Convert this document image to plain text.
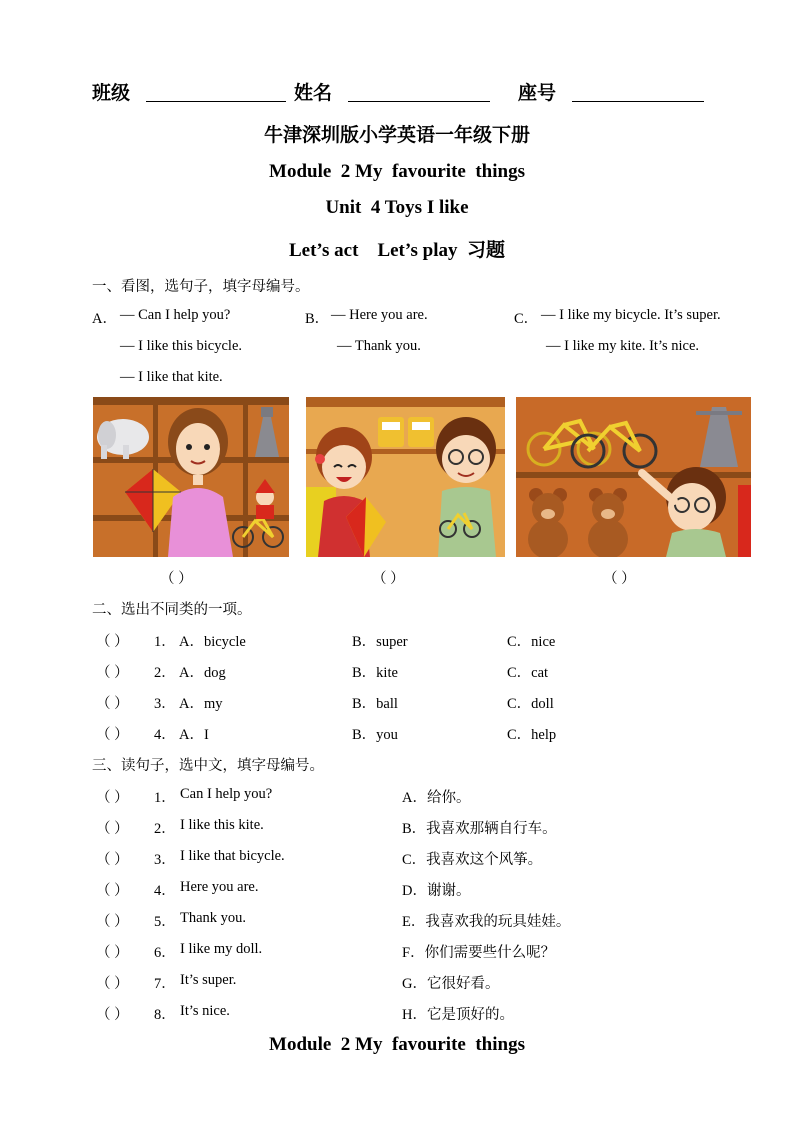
班级	姓名	座号
牛津深圳版小学英语一年级下册
Module  2 My  favourite  things
Unit  4 Toys I like
Let’s act    Let’s play  习题
一、看图，选句子，填字母编号。
A． — Can I help you?
— I like this bicycle.
— I like that kite.
B． — Here you are.
— Thank you.
C． — I like my bicycle. It’s super.
— I like my kite. It’s nice.
（ ）	（ ）	（ ）
二、选出不同类的一项。
（ ） 1． A．bicycle	B．super	C．nice
（ ） 2． A．dog	B．kite	C．cat
（ ） 3． A．my	B．ball	C．doll
（ ） 4． A．I	B．you	C．help
三、读句子，选中文，填字母编号。
（ ） 1． Can I help you?	A．给你。
（ ） 2． I like this kite.	B．我喜欢那辆自行车。
（ ） 3． I like that bicycle.	C．我喜欢这个风筝。
（ ） 4． Here you are.	D．谢谢。
（ ） 5． Thank you.	E．我喜欢我的玩具娃娃。
（ ） 6． I like my doll.	F．你们需要些什么呢？
（ ） 7． It’s super.	G．它很好看。
（ ） 8． It’s nice.	H．它是顶好的。
Module  2 My  favourite  things
